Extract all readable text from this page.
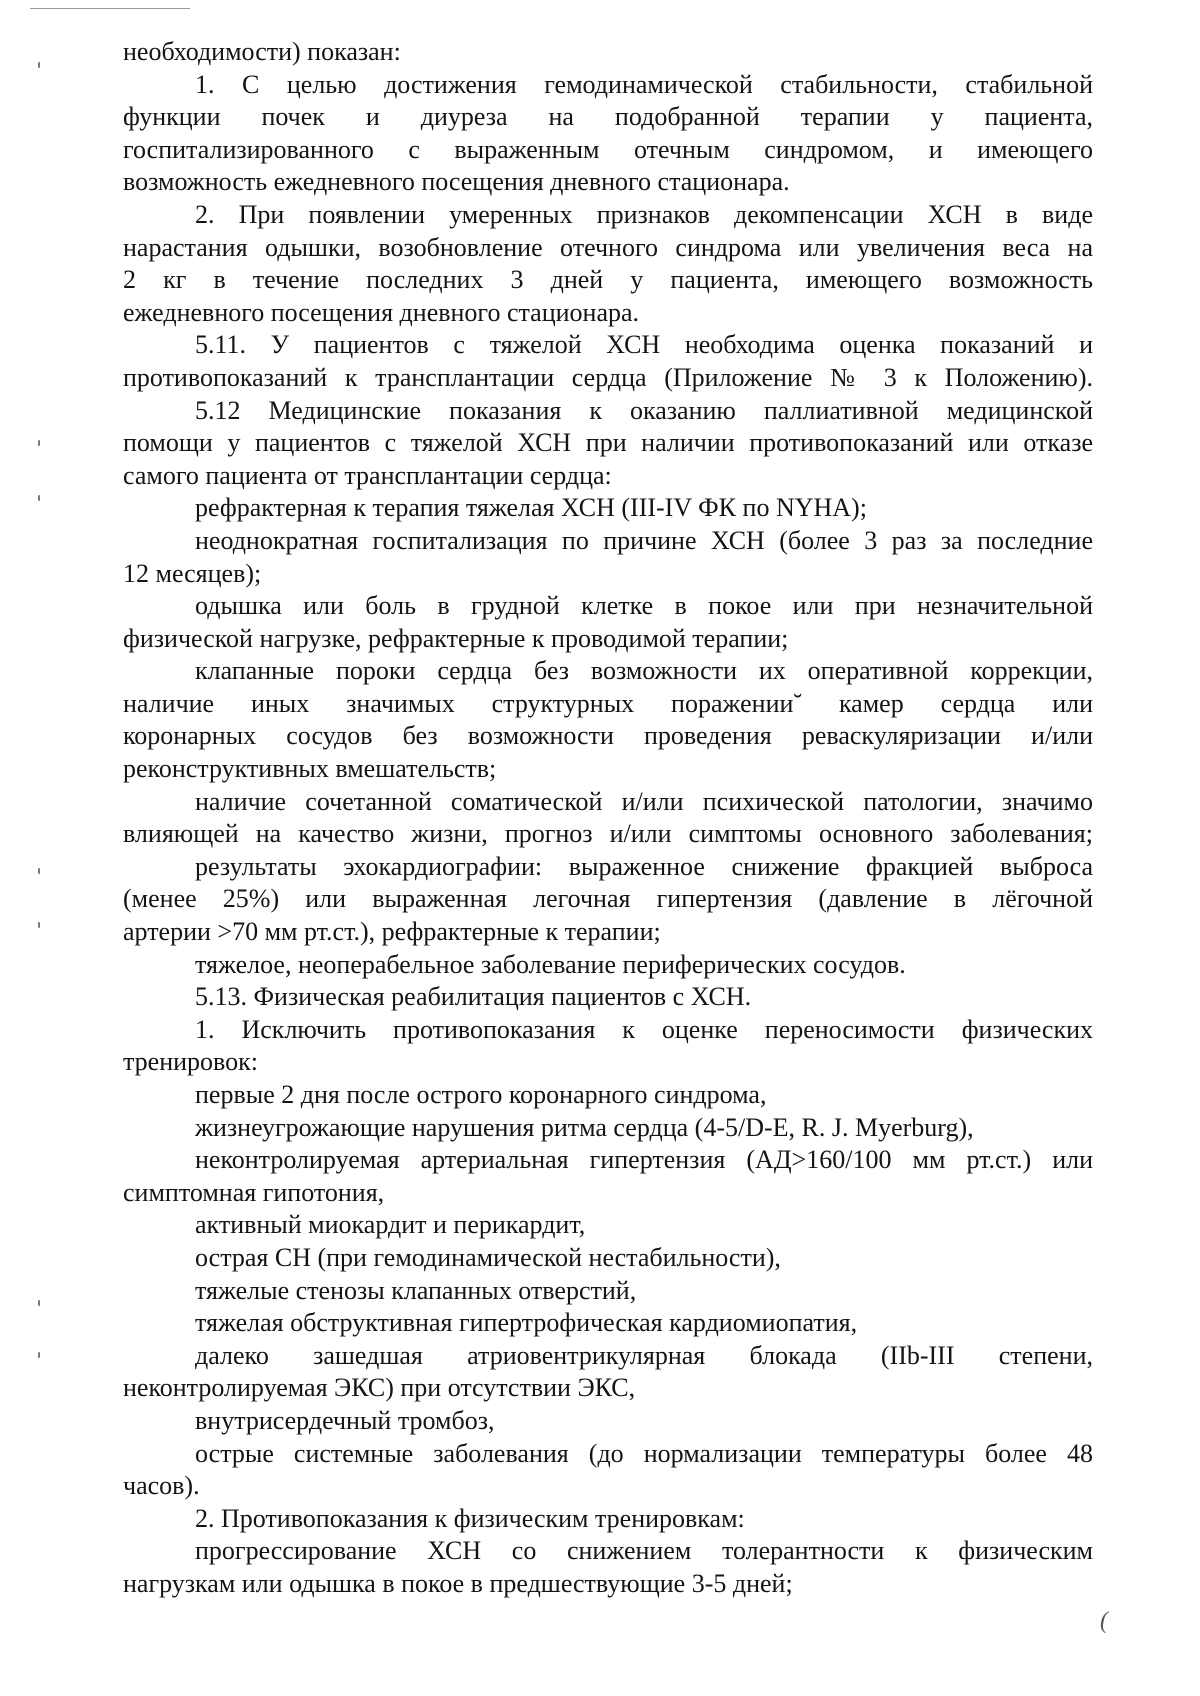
необходимости) показан:
1. С целью достижения гемодинамической стабильности, стабильной
функции почек и диуреза на подобранной терапии у пациента,
госпитализированного с выраженным отечным синдромом, и имеющего
возможность ежедневного посещения дневного стационара.
2. При появлении умеренных признаков декомпенсации ХСН в виде
нарастания одышки, возобновление отечного синдрома или увеличения веса на
2 кг в течение последних 3 дней у пациента, имеющего возможность
ежедневного посещения дневного стационара.
5.11. У пациентов с тяжелой ХСН необходима оценка показаний и
противопоказаний к трансплантации сердца (Приложение № 3 к Положению).
5.12 Медицинские показания к оказанию паллиативной медицинской
помощи у пациентов с тяжелой ХСН при наличии противопоказаний или отказе
самого пациента от трансплантации сердца:
рефрактерная к терапия тяжелая ХСН (III-IV ФК по NYHA);
неоднократная госпитализация по причине ХСН (более 3 раз за последние
12 месяцев);
одышка или боль в грудной клетке в покое или при незначительной
физической нагрузке, рефрактерные к проводимой терапии;
клапанные пороки сердца без возможности их оперативной коррекции,
наличие иных значимых структурных поражении˘ камер сердца или
коронарных сосудов без возможности проведения реваскуляризации и/или
реконструктивных вмешательств;
наличие сочетанной соматической и/или психической патологии, значимо
влияющей на качество жизни, прогноз и/или симптомы основного заболевания;
результаты эхокардиографии: выраженное снижение фракцией выброса
(менее 25%) или выраженная легочная гипертензия (давление в лёгочной
артерии >70 мм рт.ст.), рефрактерные к терапии;
тяжелое, неоперабельное заболевание периферических сосудов.
5.13. Физическая реабилитация пациентов с ХСН.
1. Исключить противопоказания к оценке переносимости физических
тренировок:
первые 2 дня после острого коронарного синдрома,
жизнеугрожающие нарушения ритма сердца (4-5/D-E, R. J. Myerburg),
неконтролируемая артериальная гипертензия (АД>160/100 мм рт.ст.) или
симптомная гипотония,
активный миокардит и перикардит,
острая СН (при гемодинамической нестабильности),
тяжелые стенозы клапанных отверстий,
тяжелая обструктивная гипертрофическая кардиомиопатия,
далеко зашедшая атриовентрикулярная блокада (IIb-III степени,
неконтролируемая ЭКС) при отсутствии ЭКС,
внутрисердечный тромбоз,
острые системные заболевания (до нормализации температуры более 48
часов).
2. Противопоказания к физическим тренировкам:
прогрессирование ХСН со снижением толерантности к физическим
нагрузкам или одышка в покое в предшествующие 3-5 дней;
(
